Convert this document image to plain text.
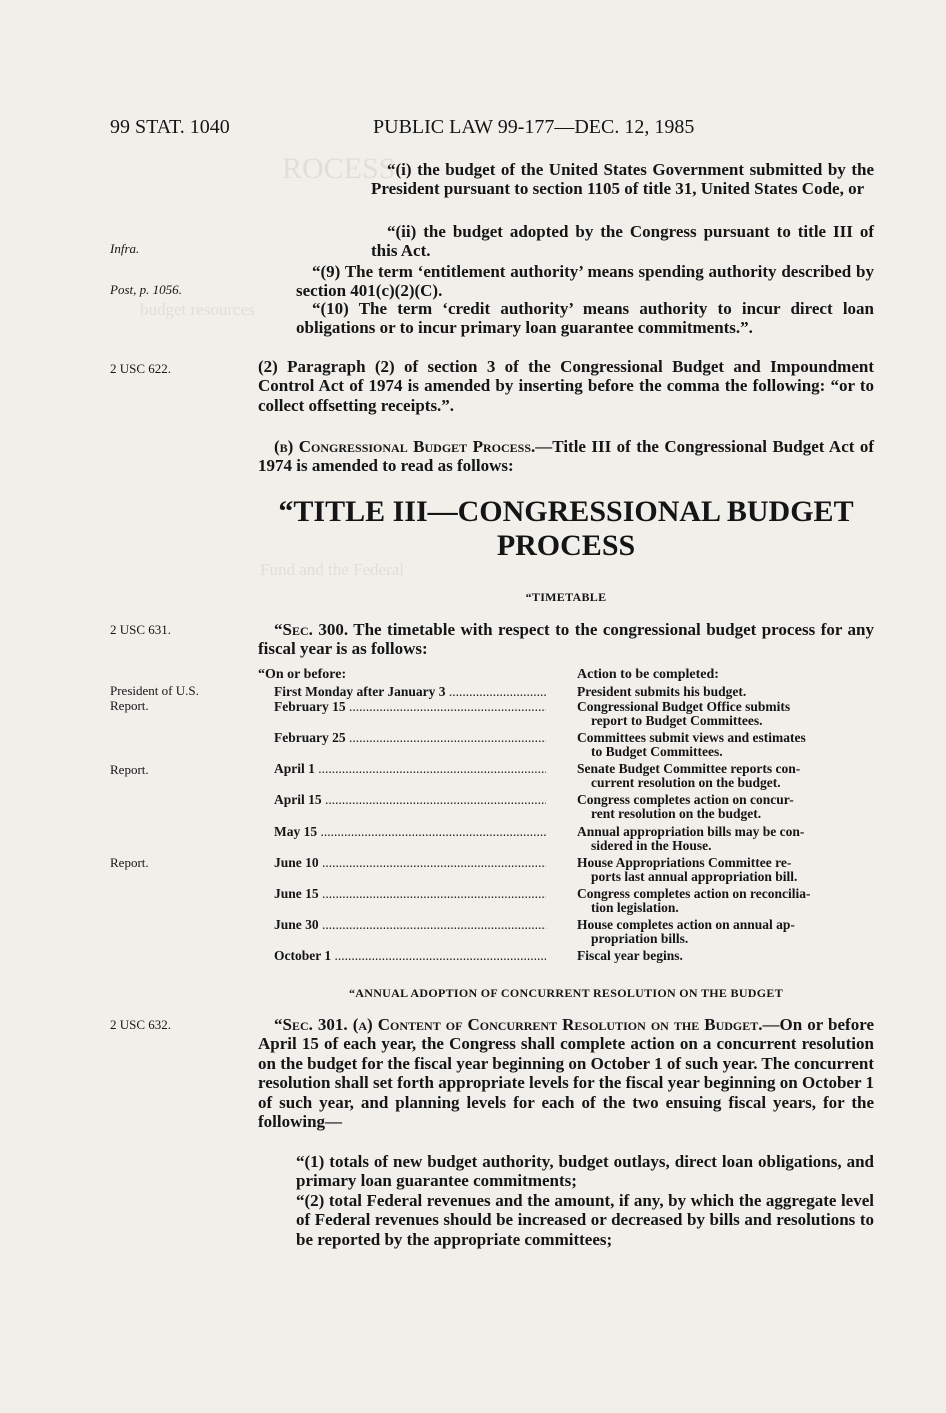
ROCESS
budget resources
Fund and the Federal
99 STAT. 1040	PUBLIC LAW 99-177—DEC. 12, 1985
Infra.
Post, p. 1056.
2 USC 622.
2 USC 631.
2 USC 632.
“(i) the budget of the United States Government submitted by the President pursuant to section 1105 of title 31, United States Code, or
“(ii) the budget adopted by the Congress pursuant to title III of this Act.
“(9) The term ‘entitlement authority’ means spending authority described by section 401(c)(2)(C).
“(10) The term ‘credit authority’ means authority to incur direct loan obligations or to incur primary loan guarantee commitments.”.
(2) Paragraph (2) of section 3 of the Congressional Budget and Impoundment Control Act of 1974 is amended by inserting before the comma the following: “or to collect offsetting receipts.”.
(b) Congressional Budget Process.—Title III of the Congressional Budget Act of 1974 is amended to read as follows:
“TITLE III—CONGRESSIONAL BUDGET
PROCESS
“TIMETABLE
“Sec. 300. The timetable with respect to the congressional budget process for any fiscal year is as follows:
“On or before:	Action to be completed:
President of U.S.
Report.
Report.
Report.
First Monday after January 3 .....	President submits his budget.
February 15 .....	Congressional Budget Office submits
report to Budget Committees.
February 25 .....	Committees submit views and estimates
to Budget Committees.
April 1 .....	Senate Budget Committee reports con-
current resolution on the budget.
April 15 .....	Congress completes action on concur-
rent resolution on the budget.
May 15 .....	Annual appropriation bills may be con-
sidered in the House.
June 10 .....	House Appropriations Committee re-
ports last annual appropriation bill.
June 15 .....	Congress completes action on reconcilia-
tion legislation.
June 30 .....	House completes action on annual ap-
propriation bills.
October 1 .....	Fiscal year begins.
“ANNUAL ADOPTION OF CONCURRENT RESOLUTION ON THE BUDGET
“Sec. 301. (a) Content of Concurrent Resolution on the Budget.—On or before April 15 of each year, the Congress shall complete action on a concurrent resolution on the budget for the fiscal year beginning on October 1 of such year. The concurrent resolution shall set forth appropriate levels for the fiscal year beginning on October 1 of such year, and planning levels for each of the two ensuing fiscal years, for the following—
“(1) totals of new budget authority, budget outlays, direct loan obligations, and primary loan guarantee commitments;
“(2) total Federal revenues and the amount, if any, by which the aggregate level of Federal revenues should be increased or decreased by bills and resolutions to be reported by the appropriate committees;
